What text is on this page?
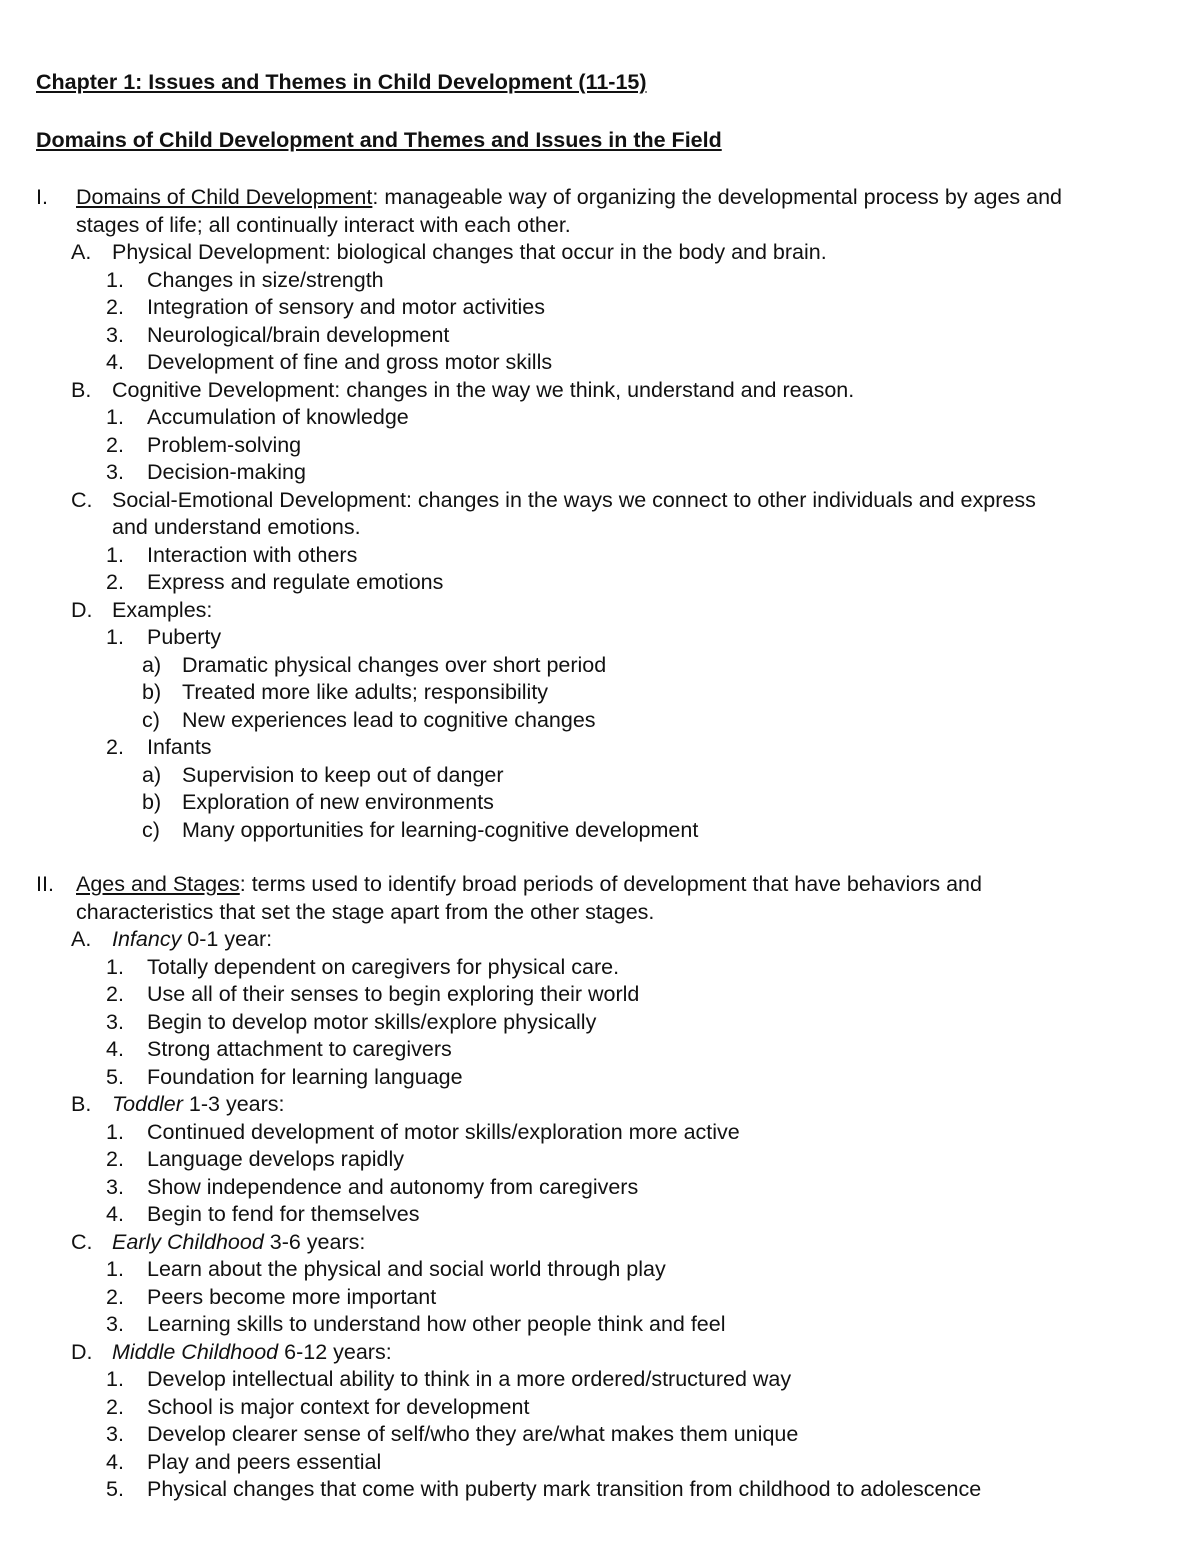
Chapter 1: Issues and Themes in Child Development (11-15)
Domains of Child Development and Themes and Issues in the Field
I. Domains of Child Development: manageable way of organizing the developmental process by ages and
stages of life; all continually interact with each other.
A. Physical Development: biological changes that occur in the body and brain.
1. Changes in size/strength
2. Integration of sensory and motor activities
3. Neurological/brain development
4. Development of fine and gross motor skills
B. Cognitive Development: changes in the way we think, understand and reason.
1. Accumulation of knowledge
2. Problem-solving
3. Decision-making
C. Social-Emotional Development: changes in the ways we connect to other individuals and express
and understand emotions.
1. Interaction with others
2. Express and regulate emotions
D. Examples:
1. Puberty
a) Dramatic physical changes over short period
b) Treated more like adults; responsibility
c) New experiences lead to cognitive changes
2. Infants
a) Supervision to keep out of danger
b) Exploration of new environments
c) Many opportunities for learning-cognitive development
II. Ages and Stages: terms used to identify broad periods of development that have behaviors and
characteristics that set the stage apart from the other stages.
A. Infancy 0-1 year:
1. Totally dependent on caregivers for physical care.
2. Use all of their senses to begin exploring their world
3. Begin to develop motor skills/explore physically
4. Strong attachment to caregivers
5. Foundation for learning language
B. Toddler 1-3 years:
1. Continued development of motor skills/exploration more active
2. Language develops rapidly
3. Show independence and autonomy from caregivers
4. Begin to fend for themselves
C. Early Childhood 3-6 years:
1. Learn about the physical and social world through play
2. Peers become more important
3. Learning skills to understand how other people think and feel
D. Middle Childhood 6-12 years:
1. Develop intellectual ability to think in a more ordered/structured way
2. School is major context for development
3. Develop clearer sense of self/who they are/what makes them unique
4. Play and peers essential
5. Physical changes that come with puberty mark transition from childhood to adolescence
